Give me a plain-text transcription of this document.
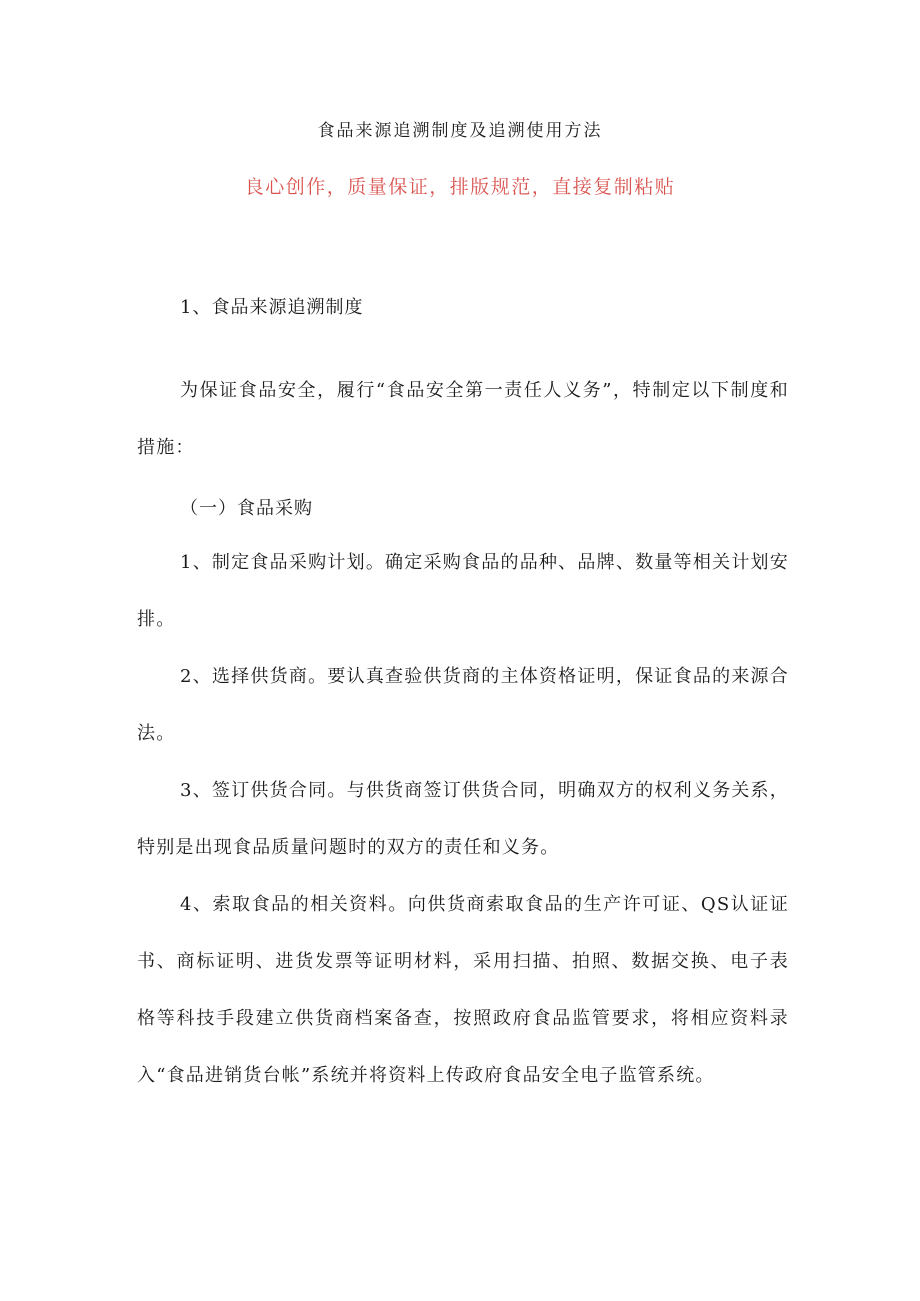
食品来源追溯制度及追溯使用方法
良心创作，质量保证，排版规范，直接复制粘贴
1、食品来源追溯制度
为保证食品安全，履行“食品安全第一责任人义务”，特制定以下制度和措施：
（一）食品采购
1、制定食品采购计划。确定采购食品的品种、品牌、数量等相关计划安排。
2、选择供货商。要认真查验供货商的主体资格证明，保证食品的来源合法。
3、签订供货合同。与供货商签订供货合同，明确双方的权利义务关系，特别是出现食品质量问题时的双方的责任和义务。
4、索取食品的相关资料。向供货商索取食品的生产许可证、QS认证证书、商标证明、进货发票等证明材料，采用扫描、拍照、数据交换、电子表格等科技手段建立供货商档案备查，按照政府食品监管要求，将相应资料录入“食品进销货台帐”系统并将资料上传政府食品安全电子监管系统。
